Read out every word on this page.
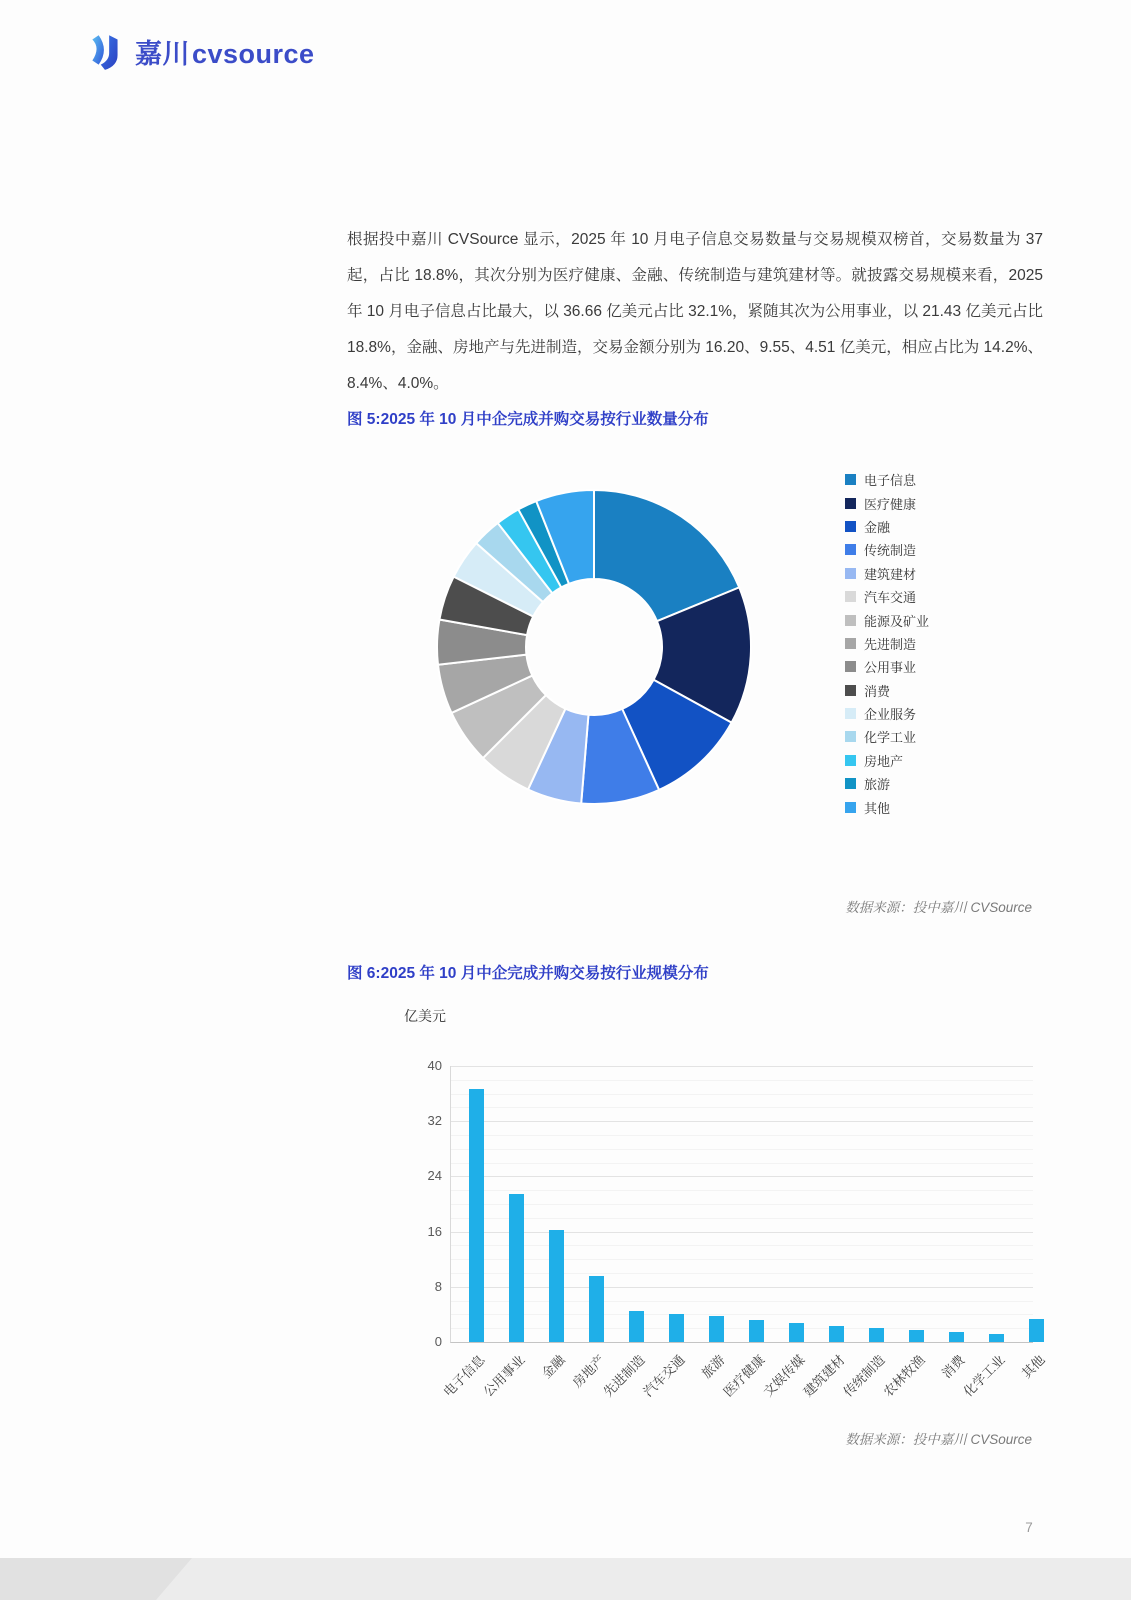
嘉川cvsource
根据投中嘉川 CVSource 显示，2025 年 10 月电子信息交易数量与交易规模双榜首，交易数量为 37 起，占比 18.8%，其次分别为医疗健康、金融、传统制造与建筑建材等。就披露交易规模来看，2025 年 10 月电子信息占比最大，以 36.66 亿美元占比 32.1%，紧随其次为公用事业，以 21.43 亿美元占比 18.8%，金融、房地产与先进制造，交易金额分别为 16.20、9.55、4.51 亿美元，相应占比为 14.2%、8.4%、4.0%。
图 5:2025 年 10 月中企完成并购交易按行业数量分布
电子信息
医疗健康
金融
传统制造
建筑建材
汽车交通
能源及矿业
先进制造
公用事业
消费
企业服务
化学工业
房地产
旅游
其他
数据来源：投中嘉川 CVSource
图 6:2025 年 10 月中企完成并购交易按行业规模分布
亿美元
0
8
16
24
32
40
电子信息
公用事业 金融 房地产
先进制造
汽车交通 旅游
医疗健康
文娱传媒
建筑建材
传统制造
农林牧渔 消费
化学工业 其他
数据来源：投中嘉川 CVSource
7
